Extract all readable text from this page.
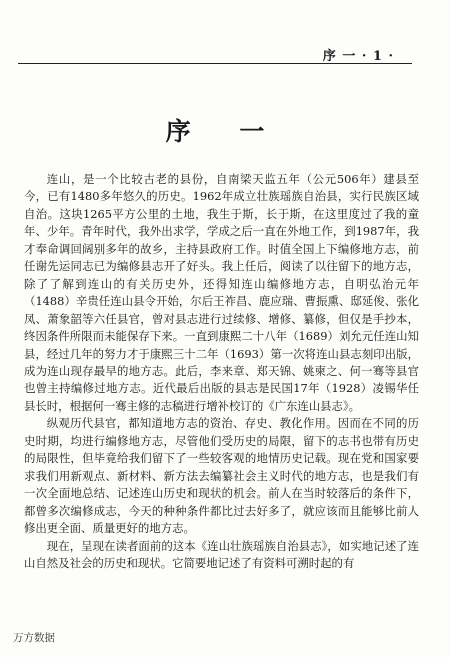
序 一 · 1 ·
序 一

连山，是一个比较古老的县份，自南梁天监五年（公元506年）建县至今，已有1480多年悠久的历史。1962年成立壮族瑶族自治县，实行民族区域自治。这块1265平方公里的土地，我生于斯，长于斯，在这里度过了我的童年、少年。青年时代，我外出求学，学成之后一直在外地工作，到1987年，我才奉命调回阔别多年的故乡，主持县政府工作。时值全国上下编修地方志，前任谢先运同志已为编修县志开了好头。我上任后，阅读了以往留下的地方志，除了了解到连山的有关历史外，还得知连山编修地方志，自明弘治元年（1488）辛贵任连山县令开始，尔后王祚昌、鹿应瑞、曹振熏、邸延俊、张化凤、萧象韶等六任县官，曾对县志进行过续修、增修、纂修，但仅是手抄本，终因条件所限而未能保存下来。一直到康熙二十八年（1689）刘允元任连山知县，经过几年的努力才于康熙三十二年（1693）第一次将连山县志刻印出版，成为连山现存最早的地方志。此后，李来章、郑天锦、姚柬之、何一骞等县官也曾主持编修过地方志。近代最后出版的县志是民国17年（1928）凌锡华任县长时，根据何一骞主修的志稿进行增补校订的《广东连山县志》。

纵观历代县官，都知道地方志的资治、存史、教化作用。因而在不同的历史时期，均进行编修地方志，尽管他们受历史的局限，留下的志书也带有历史的局限性，但毕竟给我们留下了一些较客观的地情历史记载。现在党和国家要求我们用新观点、新材料、新方法去编纂社会主义时代的地方志，也是我们有一次全面地总结、记述连山历史和现状的机会。前人在当时较落后的条件下，都曾多次编修成志，今天的种种条件都比过去好多了，就应该而且能够比前人修出更全面、质量更好的地方志。

现在，呈现在读者面前的这本《连山壮族瑶族自治县志》，如实地记述了连山自然及社会的历史和现状。它简要地记述了有资料可溯时起的有

万方数据
